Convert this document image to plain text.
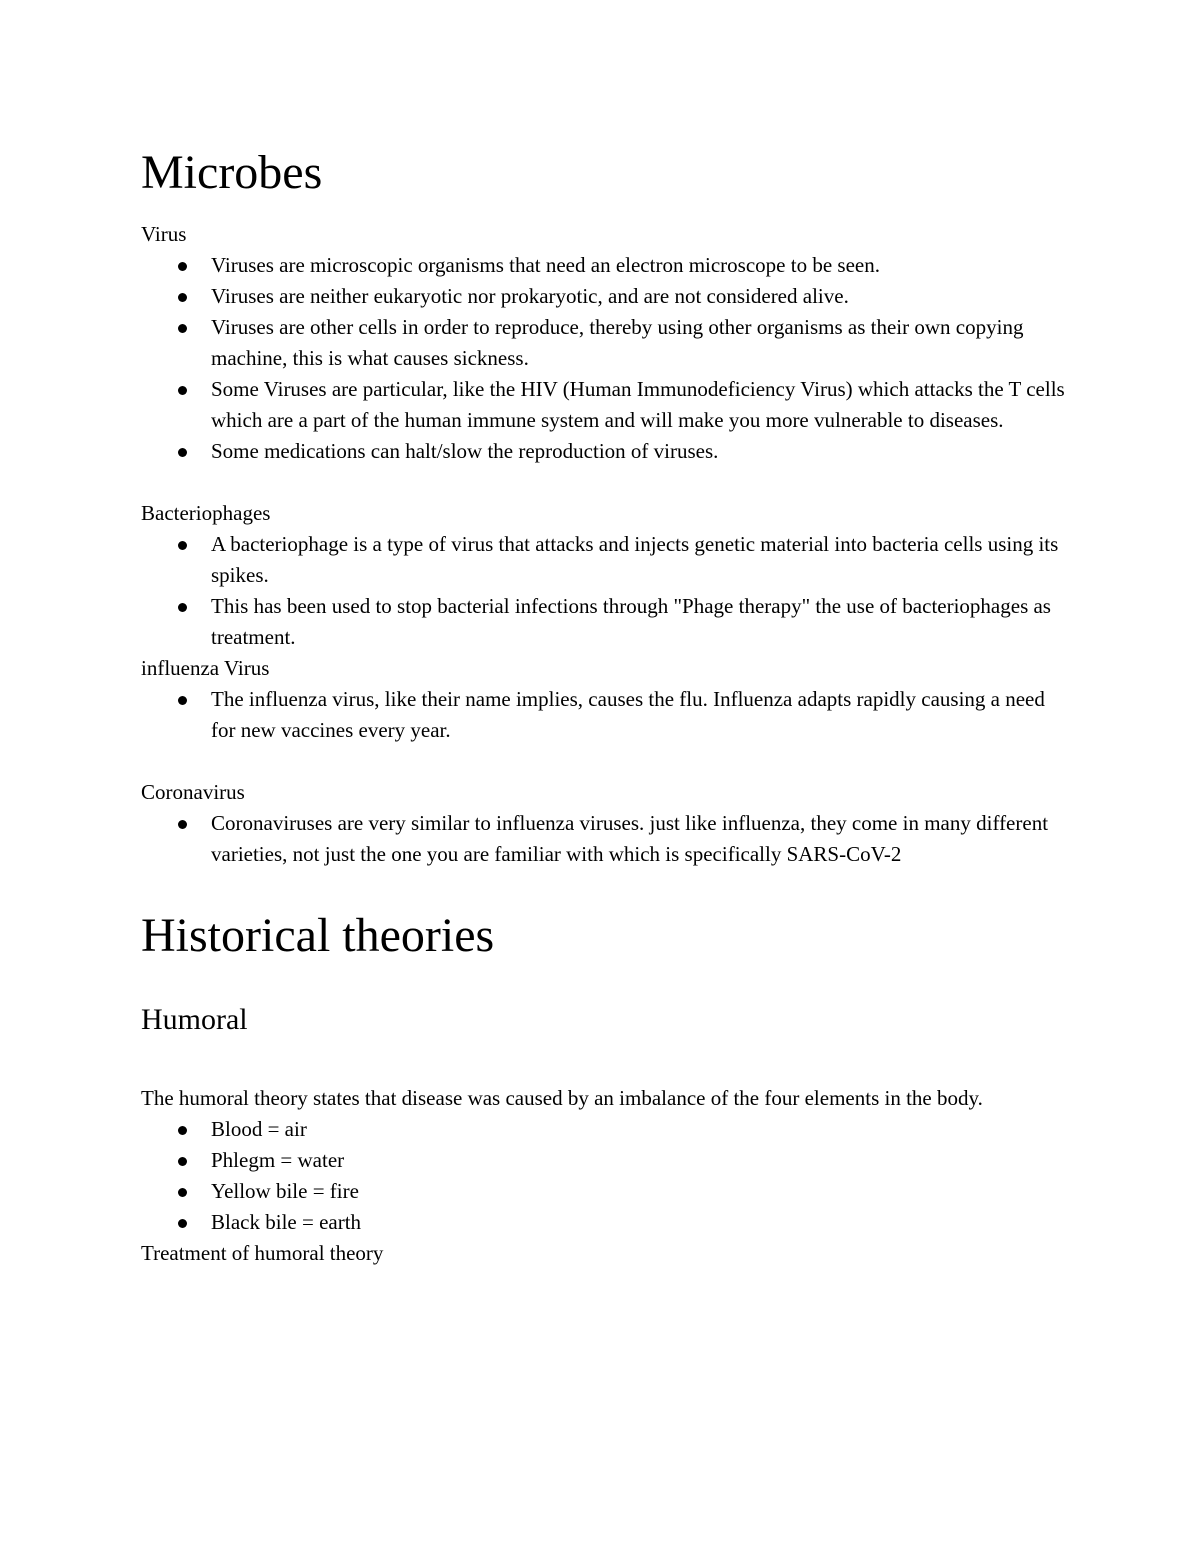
Microbes

Virus

Viruses are microscopic organisms that need an electron microscope to be seen.
Viruses are neither eukaryotic nor prokaryotic, and are not considered alive.
Viruses are other cells in order to reproduce, thereby using other organisms as their own copying machine, this is what causes sickness.
Some Viruses are particular, like the HIV (Human Immunodeficiency Virus) which attacks the T cells which are a part of the human immune system and will make you more vulnerable to diseases.
Some medications can halt/slow the reproduction of viruses.

Bacteriophages

A bacteriophage is a type of virus that attacks and injects genetic material into bacteria cells using its spikes.
This has been used to stop bacterial infections through "Phage therapy" the use of bacteriophages as treatment.

influenza Virus

The influenza virus, like their name implies, causes the flu. Influenza adapts rapidly causing a need for new vaccines every year.

Coronavirus

Coronaviruses are very similar to influenza viruses. just like influenza, they come in many different varieties, not just the one you are familiar with which is specifically SARS-CoV-2
Historical theories
Humoral

The humoral theory states that disease was caused by an imbalance of the four elements in the body.

Blood = air
Phlegm = water
Yellow bile = fire
Black bile = earth

Treatment of humoral theory
